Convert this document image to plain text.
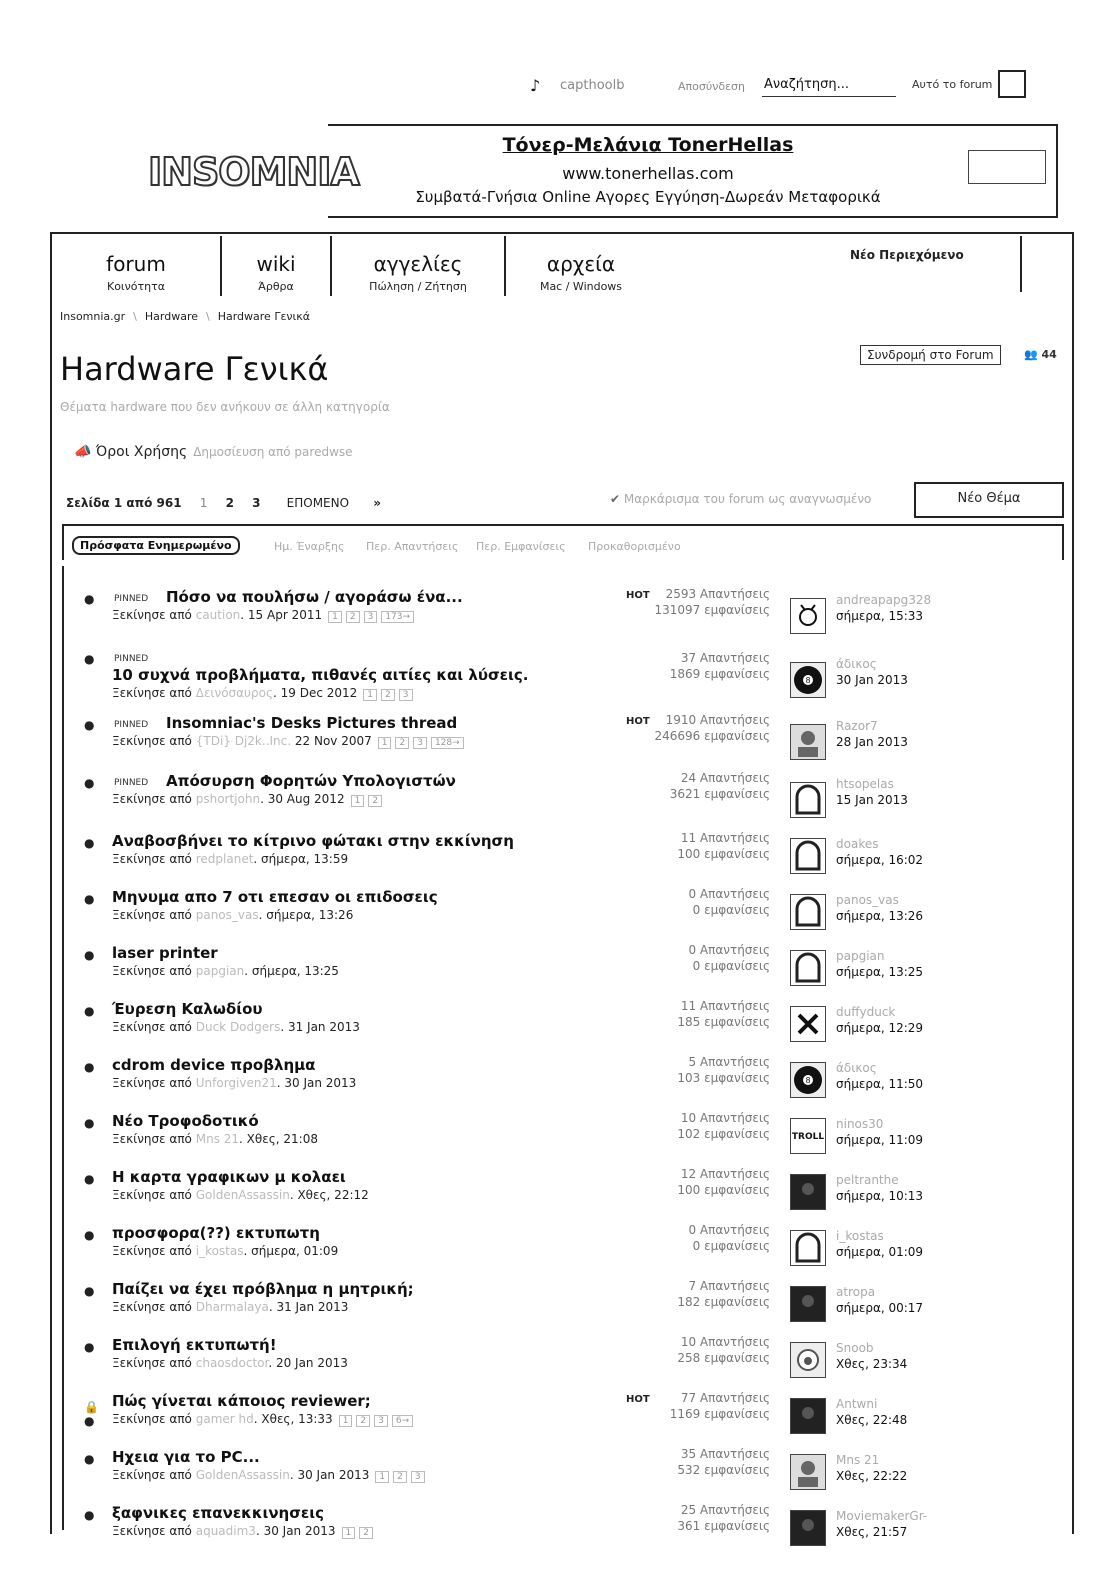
♪ capthoolb	Αποσύνδεση Αναζήτηση...	Αυτό το forum
INSOMNIA
Τόνερ-Μελάνια TonerHellas
www.tonerhellas.com
Συμβατά-Γνήσια Online Αγορες Εγγύηση-Δωρεάν Μεταφορικά
forum
Κοινότητα
wiki
Άρθρα
αγγελίες
Πώληση / Ζήτηση
αρχεία
Mac / Windows
Νέο Περιεχόμενο
Insomnia.gr \ Hardware \ Hardware Γενικά
Hardware Γενικά
Θέματα hardware που δεν ανήκουν σε άλλη κατηγορία
Συνδρομή στο Forum	👥 44
📣 Όροι Χρήσης Δημοσίευση από paredwse
Σελίδα 1 από 961 1 2 3 ΕΠΟΜΕΝΟ »	✔ Μαρκάρισμα του forum ως αναγνωσμένο	Νέο Θέμα
Πρόσφατα Ενημερωμένο	Ημ. Έναρξης Περ. Απαντήσεις Περ. Εμφανίσεις Προκαθορισμένο
● PINNED Πόσο να πουλήσω / αγοράσω ένα...
Ξεκίνησε από caution. 15 Apr 2011 1 2 3 173→
HOT	2593 Απαντήσεις
131097 εμφανίσεις
andreapapg328
σήμερα, 15:33
● PINNED
10 συχνά προβλήματα, πιθανές αιτίες και λύσεις.
Ξεκίνησε από Δεινόσαυρος. 19 Dec 2012 1 2 3
37 Απαντήσεις
1869 εμφανίσεις	8
άδικος
30 Jan 2013
● PINNED Insomniac's Desks Pictures thread
Ξεκίνησε από {TDi} Dj2k..Inc. 22 Nov 2007 1 2 3 128→
HOT	1910 Απαντήσεις
246696 εμφανίσεις
Razor7
28 Jan 2013
● PINNED Απόσυρση Φορητών Υπολογιστών
Ξεκίνησε από pshortjohn. 30 Aug 2012 1 2
24 Απαντήσεις
3621 εμφανίσεις
htsopelas
15 Jan 2013
● Αναβοσβήνει το κίτρινο φώτακι στην εκκίνηση
Ξεκίνησε από redplanet. σήμερα, 13:59
11 Απαντήσεις
100 εμφανίσεις
doakes
σήμερα, 16:02
● Μηνυμα απο 7 οτι επεσαν οι επιδοσεις
Ξεκίνησε από panos_vas. σήμερα, 13:26
0 Απαντήσεις
0 εμφανίσεις
panos_vas
σήμερα, 13:26
● laser printer
Ξεκίνησε από papgian. σήμερα, 13:25
0 Απαντήσεις
0 εμφανίσεις
papgian
σήμερα, 13:25
● Έυρεση Καλωδίου
Ξεκίνησε από Duck Dodgers. 31 Jan 2013
11 Απαντήσεις
185 εμφανίσεις
duffyduck
σήμερα, 12:29
● cdrom device προβλημα
Ξεκίνησε από Unforgiven21. 30 Jan 2013
5 Απαντήσεις
103 εμφανίσεις	8
άδικος
σήμερα, 11:50
● Νέο Τροφοδοτικό
Ξεκίνησε από Mns 21. Χθες, 21:08
10 Απαντήσεις
102 εμφανίσεις TROLL
ninos30
σήμερα, 11:09
● Η καρτα γραφικων μ κολαει
Ξεκίνησε από GoldenAssassin. Χθες, 22:12
12 Απαντήσεις
100 εμφανίσεις
peltranthe
σήμερα, 10:13
● προσφορα(??) εκτυπωτη
Ξεκίνησε από i_kostas. σήμερα, 01:09
0 Απαντήσεις
0 εμφανίσεις
i_kostas
σήμερα, 01:09
● Παίζει να έχει πρόβλημα η μητρική;
Ξεκίνησε από Dharmalaya. 31 Jan 2013
7 Απαντήσεις
182 εμφανίσεις
atropa
σήμερα, 00:17
● Επιλογή εκτυπωτή!
Ξεκίνησε από chaosdoctor. 20 Jan 2013
10 Απαντήσεις
258 εμφανίσεις
Snoob
Χθες, 23:34
🔒
●
Πώς γίνεται κάποιος reviewer;
Ξεκίνησε από gamer hd. Χθες, 13:33 1 2 3 6→
HOT	77 Απαντήσεις
1169 εμφανίσεις
Antwni
Χθες, 22:48
● Ηχεια για το PC...
Ξεκίνησε από GoldenAssassin. 30 Jan 2013 1 2 3
35 Απαντήσεις
532 εμφανίσεις
Mns 21
Χθες, 22:22
● ξαφνικες επανεκκινησεις
Ξεκίνησε από aquadim3. 30 Jan 2013 1 2
25 Απαντήσεις
361 εμφανίσεις
MoviemakerGr-
Χθες, 21:57
